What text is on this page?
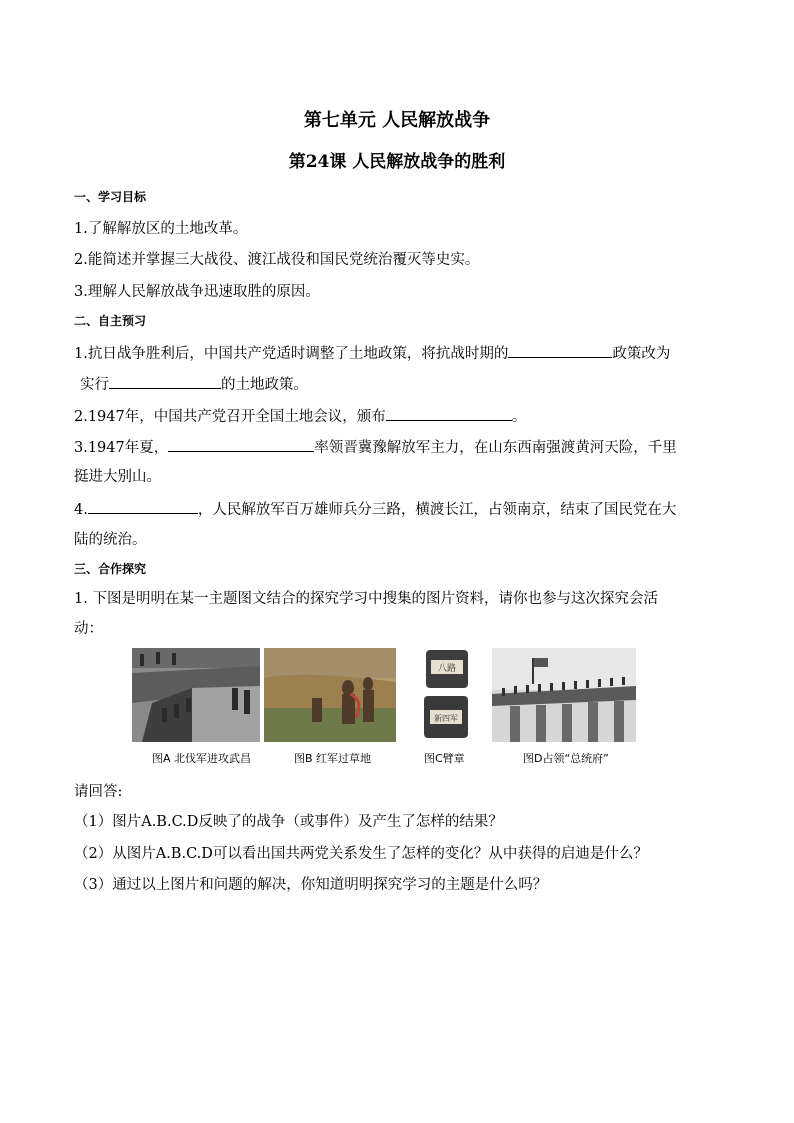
第七单元 人民解放战争
第24课 人民解放战争的胜利
一、学习目标
1.了解解放区的土地改革。
2.能简述并掌握三大战役、渡江战役和国民党统治覆灭等史实。
3.理解人民解放战争迅速取胜的原因。
二、自主预习
1.抗日战争胜利后，中国共产党适时调整了土地政策，将抗战时期的	政策改为
实行	的土地政策。
2.1947年，中国共产党召开全国土地会议，颁布	。
3.1947年夏，	率领晋冀豫解放军主力，在山东西南强渡黄河天险，千里
挺进大别山。
4.	，人民解放军百万雄师兵分三路，横渡长江，占领南京，结束了国民党在大
陆的统治。
三、合作探究
1. 下图是明明在某一主题图文结合的探究学习中搜集的图片资料，请你也参与这次探究会活
动：
八路
新四军
图A 北伐军进攻武昌	图B 红军过草地	图C臂章	图D占领“总统府”
请回答:
（1）图片A.B.C.D反映了的战争（或事件）及产生了怎样的结果？
（2）从图片A.B.C.D可以看出国共两党关系发生了怎样的变化？从中获得的启迪是什么？
（3）通过以上图片和问题的解决，你知道明明探究学习的主题是什么吗？
